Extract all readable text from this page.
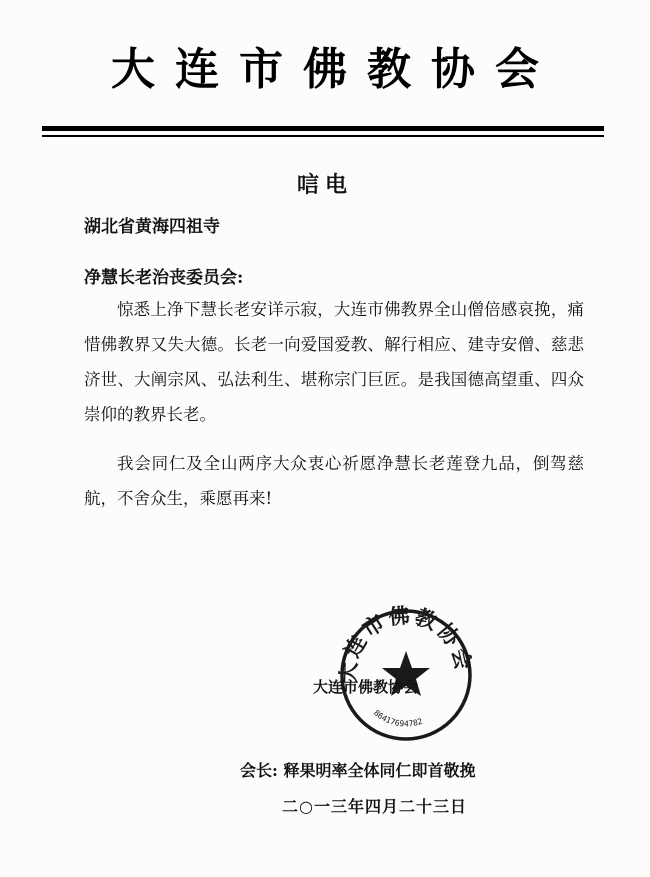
大连市佛教协会
唁电
湖北省黄海四祖寺
净慧长老治丧委员会:

惊悉上净下慧长老安详示寂，大连市佛教界全山僧倍感哀挽，痛惜佛教界又失大德。长老一向爱国爱教、解行相应、建寺安僧、慈悲济世、大阐宗风、弘法利生、堪称宗门巨匠。是我国德高望重、四众崇仰的教界长老。

我会同仁及全山两序大众衷心祈愿净慧长老莲登九品，倒驾慈航，不舍众生，乘愿再来!

大连市佛教协会
86417694782
大连市佛教协会
会长: 释果明率全体同仁即首敬挽
二○一三年四月二十三日
